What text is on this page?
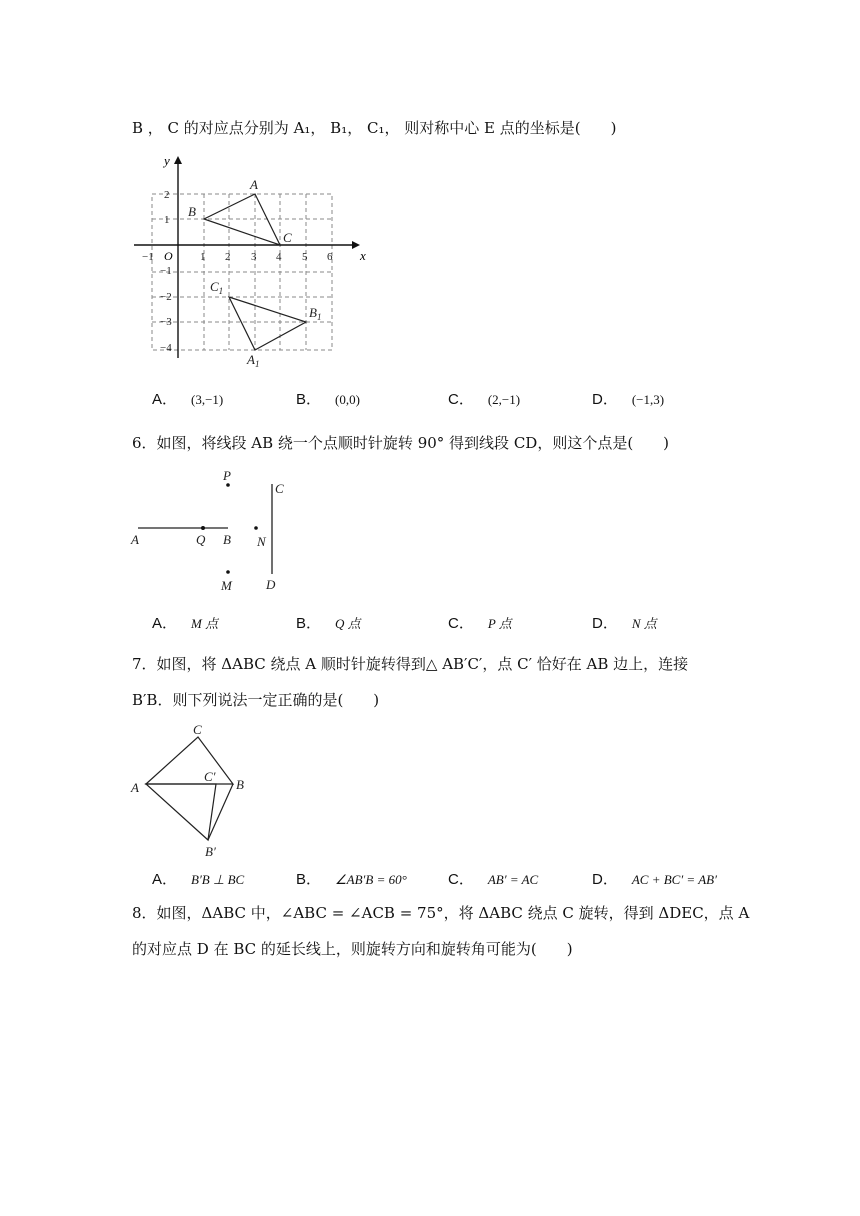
B ， C 的对应点分别为 A₁， B₁， C₁， 则对称中心 E 点的坐标是(　　)
x
y
O
−1	1 2 3 4 5 6
2
1
−1
−2
−3
−4
A
B
C
$C_1$
$B_1$
$A_1$
A． (3,−1)	B． (0,0)	C． (2,−1)	D． (−1,3)
6．如图，将线段 AB 绕一个点顺时针旋转 90° 得到线段 CD，则这个点是(　　)
A	Q B
P
M
N
C
D
A． M 点	B． Q 点	C． P 点	D． N 点
7．如图，将 ΔABC 绕点 A 顺时针旋转得到△ AB′C′，点 C′ 恰好在 AB 边上，连接
B′B．则下列说法一定正确的是(　　)
C
A	B
C′
B′
A． B′B ⊥ BC	B． ∠AB′B = 60°	C． AB′ = AC	D． AC + BC′ = AB′
8．如图，ΔABC 中，∠ABC = ∠ACB = 75°，将 ΔABC 绕点 C 旋转，得到 ΔDEC，点 A
的对应点 D 在 BC 的延长线上，则旋转方向和旋转角可能为(　　)
